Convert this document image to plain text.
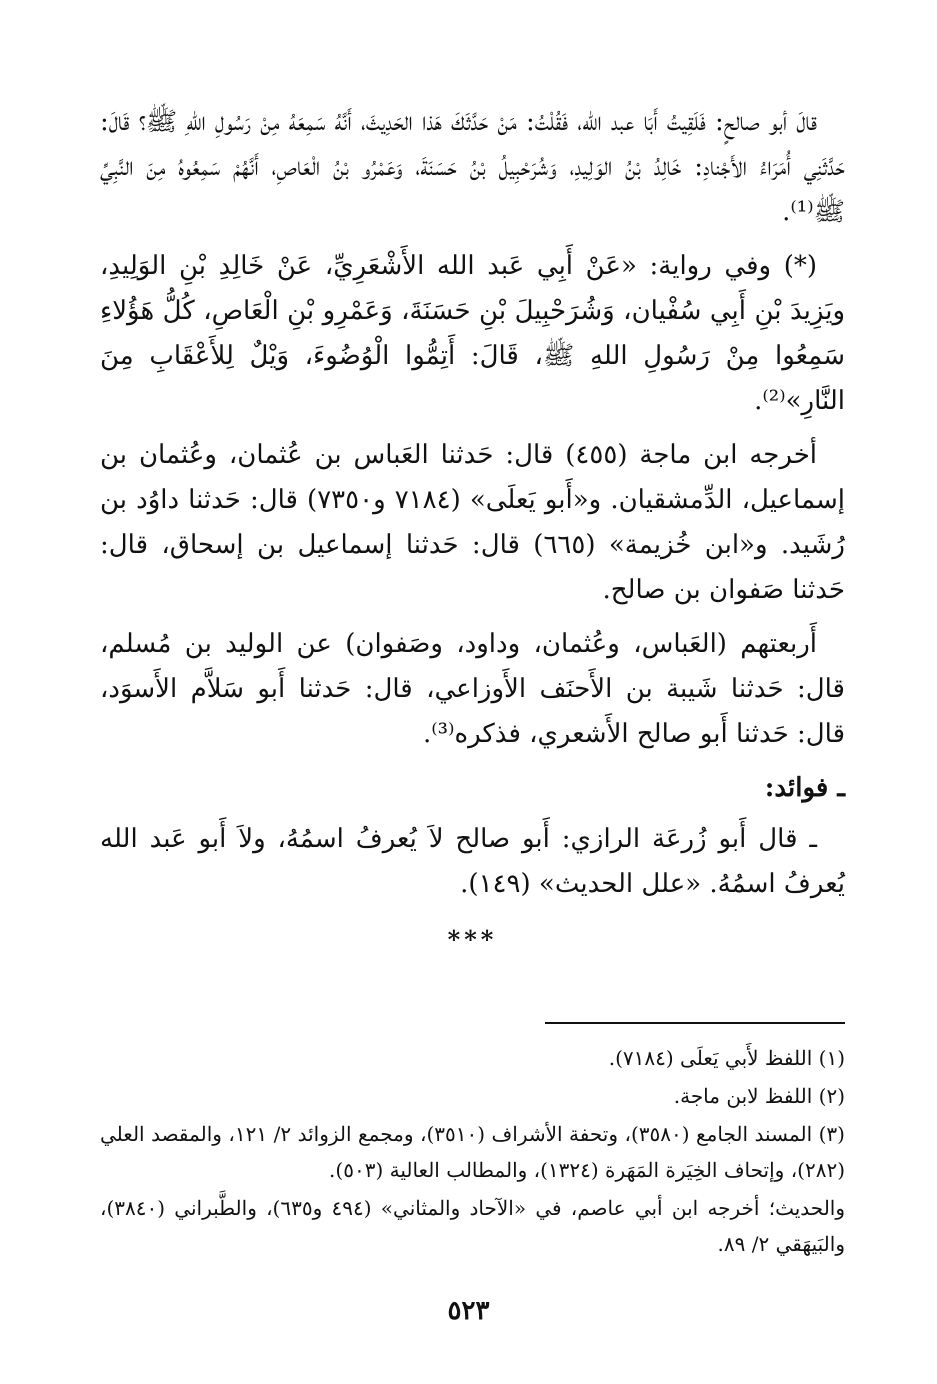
قالَ أبو صالحٍ: فَلَقِيتُ أَبَا عبد الله، فَقُلْتُ: مَنْ حَدَّثَكَ هَذا الحَدِيثَ، أَنَّهُ سَمِعَهُ مِنْ رَسُولِ اللهِ ﷺ؟ قَالَ: حَدَّثَنِي أُمَرَاءُ الأَجْنادِ: خَالِدُ بْنُ الوَلِيدِ، وَشُرَحْبِيلُ بْنُ حَسَنَةَ، وَعَمْرُو بْنُ الْعَاصِ، أَنَّهُمْ سَمِعُوهُ مِنَ النَّبِيِّ ﷺ⁽¹⁾.

(*) وفي رواية: «عَنْ أَبِي عَبد الله الأَشْعَرِيِّ، عَنْ خَالِدِ بْنِ الوَلِيدِ، ويَزِيدَ بْنِ أَبِي سُفْيان، وَشُرَحْبِيلَ بْنِ حَسَنَةَ، وَعَمْرِو بْنِ الْعَاصِ، كُلُّ هَؤُلاءِ سَمِعُوا مِنْ رَسُولِ اللهِ ﷺ، قَالَ: أَتِمُّوا الْوُضُوءَ، وَيْلٌ لِلأَعْقَابِ مِنَ النَّارِ»⁽²⁾.

أخرجه ابن ماجة (٤٥٥) قال: حَدثنا العَباس بن عُثمان، وعُثمان بن إسماعيل، الدِّمشقيان. و«أَبو يَعلَى» (٧١٨٤ و٧٣٥٠) قال: حَدثنا داوُد بن رُشَيد. و«ابن خُزيمة» (٦٦٥) قال: حَدثنا إسماعيل بن إسحاق، قال: حَدثنا صَفوان بن صالح.

أَربعتهم (العَباس، وعُثمان، وداود، وصَفوان) عن الوليد بن مُسلم، قال: حَدثنا شَيبة بن الأَحنَف الأَوزاعي، قال: حَدثنا أَبو سَلاَّم الأَسوَد، قال: حَدثنا أَبو صالح الأَشعري، فذكره⁽³⁾.

ـ فوائد:

ـ قال أَبو زُرعَة الرازي: أَبو صالح لاَ يُعرفُ اسمُهُ، ولاَ أَبو عَبد الله يُعرفُ اسمُهُ. «علل الحديث» (١٤٩).

***

(١) اللفظ لأَبي يَعلَى (٧١٨٤).

(٢) اللفظ لابن ماجة.

(٣) المسند الجامع (٣٥٨٠)، وتحفة الأشراف (٣٥١٠)، ومجمع الزوائد ٢/ ١٢١، والمقصد العلي (٢٨٢)، وإتحاف الخِيَرة المَهَرة (١٣٢٤)، والمطالب العالية (٥٠٣).

والحديث؛ أخرجه ابن أبي عاصم، في «الآحاد والمثاني» (٤٩٤ و٦٣٥)، والطَّبراني (٣٨٤٠)، والبَيهَقي ٢/ ٨٩.

٥٢٣
